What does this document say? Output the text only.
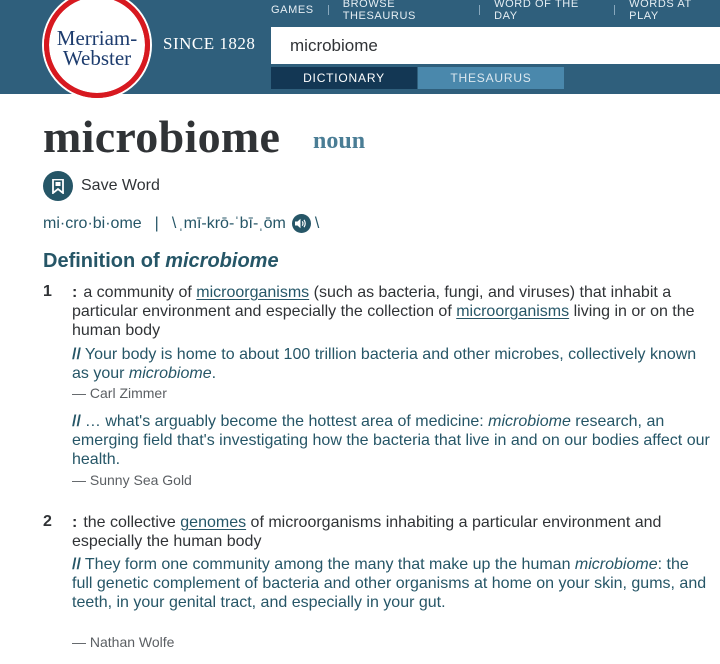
GAMES	BROWSE THESAURUS
WORD OF THE DAY
WORDS AT PLAY
SINCE 1828
microbiome
DICTIONARY	THESAURUS
Merriam-
Webster
microbiome noun
Save Word
mi·cro·bi·ome | \ ˌmī-krō-ˈbī-ˌōm \
Definition of microbiome
1 : a community of microorganisms (such as bacteria, fungi, and viruses) that inhabit a particular environment and especially the collection of microorganisms living in or on the human body
// Your body is home to about 100 trillion bacteria and other microbes, collectively known as your microbiome.
— Carl Zimmer
// … what's arguably become the hottest area of medicine: microbiome research, an emerging field that's investigating how the bacteria that live in and on our bodies affect our health.
— Sunny Sea Gold
2 : the collective genomes of microorganisms inhabiting a particular environment and especially the human body
// They form one community among the many that make up the human microbiome: the full genetic complement of bacteria and other organisms at home on your skin, gums, and teeth, in your genital tract, and especially in your gut.
— Nathan Wolfe
